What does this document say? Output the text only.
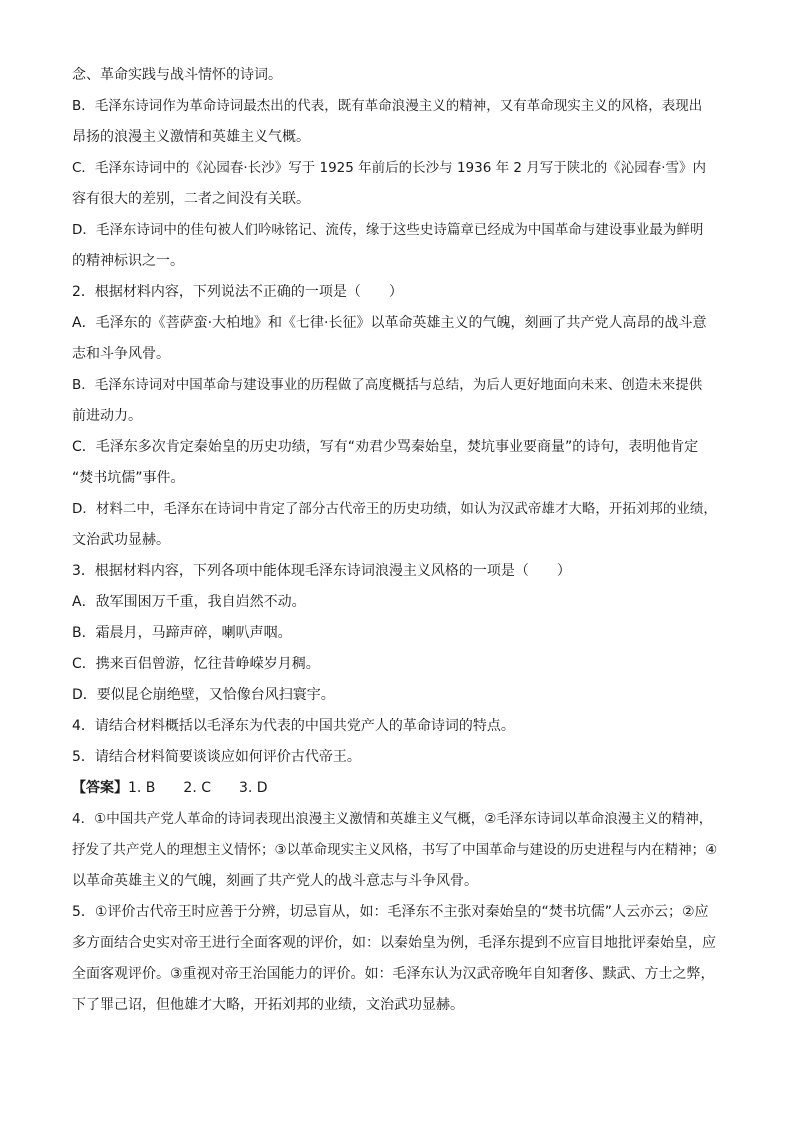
念、革命实践与战斗情怀的诗词。
B．毛泽东诗词作为革命诗词最杰出的代表，既有革命浪漫主义的精神，又有革命现实主义的风格，表现出
昂扬的浪漫主义激情和英雄主义气概。
C．毛泽东诗词中的《沁园春·长沙》写于 1925 年前后的长沙与 1936 年 2 月写于陕北的《沁园春·雪》内
容有很大的差别，二者之间没有关联。
D．毛泽东诗词中的佳句被人们吟咏铭记、流传，缘于这些史诗篇章已经成为中国革命与建设事业最为鲜明
的精神标识之一。
2．根据材料内容，下列说法不正确的一项是（　　）
A．毛泽东的《菩萨蛮·大柏地》和《七律·长征》以革命英雄主义的气魄，刻画了共产党人高昂的战斗意
志和斗争风骨。
B．毛泽东诗词对中国革命与建设事业的历程做了高度概括与总结，为后人更好地面向未来、创造未来提供
前进动力。
C．毛泽东多次肯定秦始皇的历史功绩，写有“劝君少骂秦始皇，焚坑事业要商量”的诗句，表明他肯定
“焚书坑儒”事件。
D．材料二中，毛泽东在诗词中肯定了部分古代帝王的历史功绩，如认为汉武帝雄才大略，开拓刘邦的业绩，
文治武功显赫。
3．根据材料内容，下列各项中能体现毛泽东诗词浪漫主义风格的一项是（　　）
A．敌军围困万千重，我自岿然不动。
B．霜晨月，马蹄声碎，喇叭声咽。
C．携来百侣曾游，忆往昔峥嵘岁月稠。
D．要似昆仑崩绝壁，又恰像台风扫寰宇。
4．请结合材料概括以毛泽东为代表的中国共党产人的革命诗词的特点。
5．请结合材料简要谈谈应如何评价古代帝王。
【答案】1. B　　2. C　　3. D
4．①中国共产党人革命的诗词表现出浪漫主义激情和英雄主义气概，②毛泽东诗词以革命浪漫主义的精神，
抒发了共产党人的理想主义情怀；③以革命现实主义风格，书写了中国革命与建设的历史进程与内在精神；④
以革命英雄主义的气魄，刻画了共产党人的战斗意志与斗争风骨。
5．①评价古代帝王时应善于分辨，切忌盲从，如：毛泽东不主张对秦始皇的“焚书坑儒”人云亦云；②应
多方面结合史实对帝王进行全面客观的评价，如：以秦始皇为例，毛泽东提到不应盲目地批评秦始皇，应
全面客观评价。③重视对帝王治国能力的评价。如：毛泽东认为汉武帝晚年自知奢侈、黩武、方士之弊，
下了罪己诏，但他雄才大略，开拓刘邦的业绩，文治武功显赫。
